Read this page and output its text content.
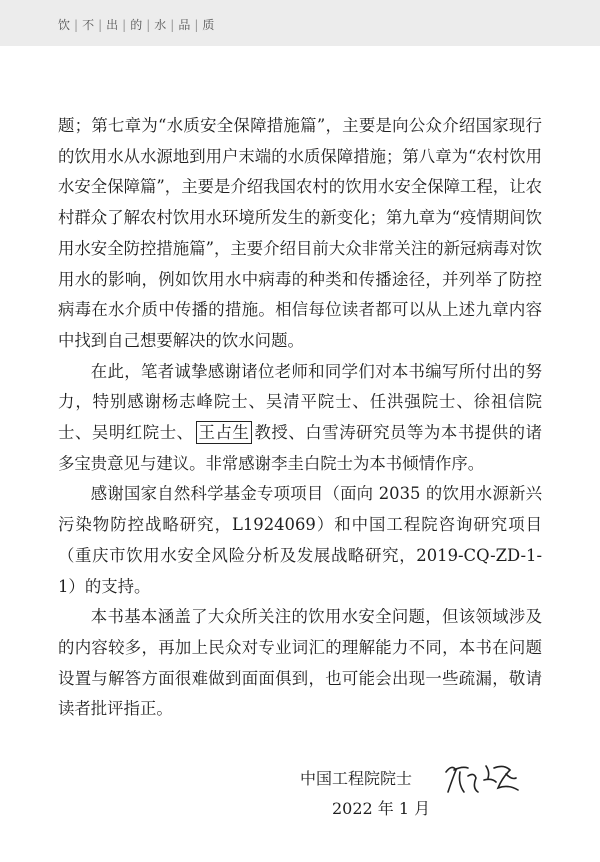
饮 | 不 | 出 | 的 | 水 | 品 | 质

题；第七章为“水质安全保障措施篇”，主要是向公众介绍国家现行的饮用水从水源地到用户末端的水质保障措施；第八章为“农村饮用水安全保障篇”，主要是介绍我国农村的饮用水安全保障工程，让农村群众了解农村饮用水环境所发生的新变化；第九章为“疫情期间饮用水安全防控措施篇”，主要介绍目前大众非常关注的新冠病毒对饮用水的影响，例如饮用水中病毒的种类和传播途径，并列举了防控病毒在水介质中传播的措施。相信每位读者都可以从上述九章内容中找到自己想要解决的饮水问题。

在此，笔者诚挚感谢诸位老师和同学们对本书编写所付出的努力，特别感谢杨志峰院士、吴清平院士、任洪强院士、徐祖信院士、吴明红院士、 王占生 教授、白雪涛研究员等为本书提供的诸多宝贵意见与建议。非常感谢李圭白院士为本书倾情作序。

感谢国家自然科学基金专项项目（面向 2035 的饮用水源新兴污染物防控战略研究，L1924069）和中国工程院咨询研究项目（重庆市饮用水安全风险分析及发展战略研究，2019-CQ-ZD-1-1）的支持。

本书基本涵盖了大众所关注的饮用水安全问题，但该领域涉及的内容较多，再加上民众对专业词汇的理解能力不同，本书在问题设置与解答方面很难做到面面俱到，也可能会出现一些疏漏，敬请读者批评指正。

中国工程院院士
2022 年 1 月
